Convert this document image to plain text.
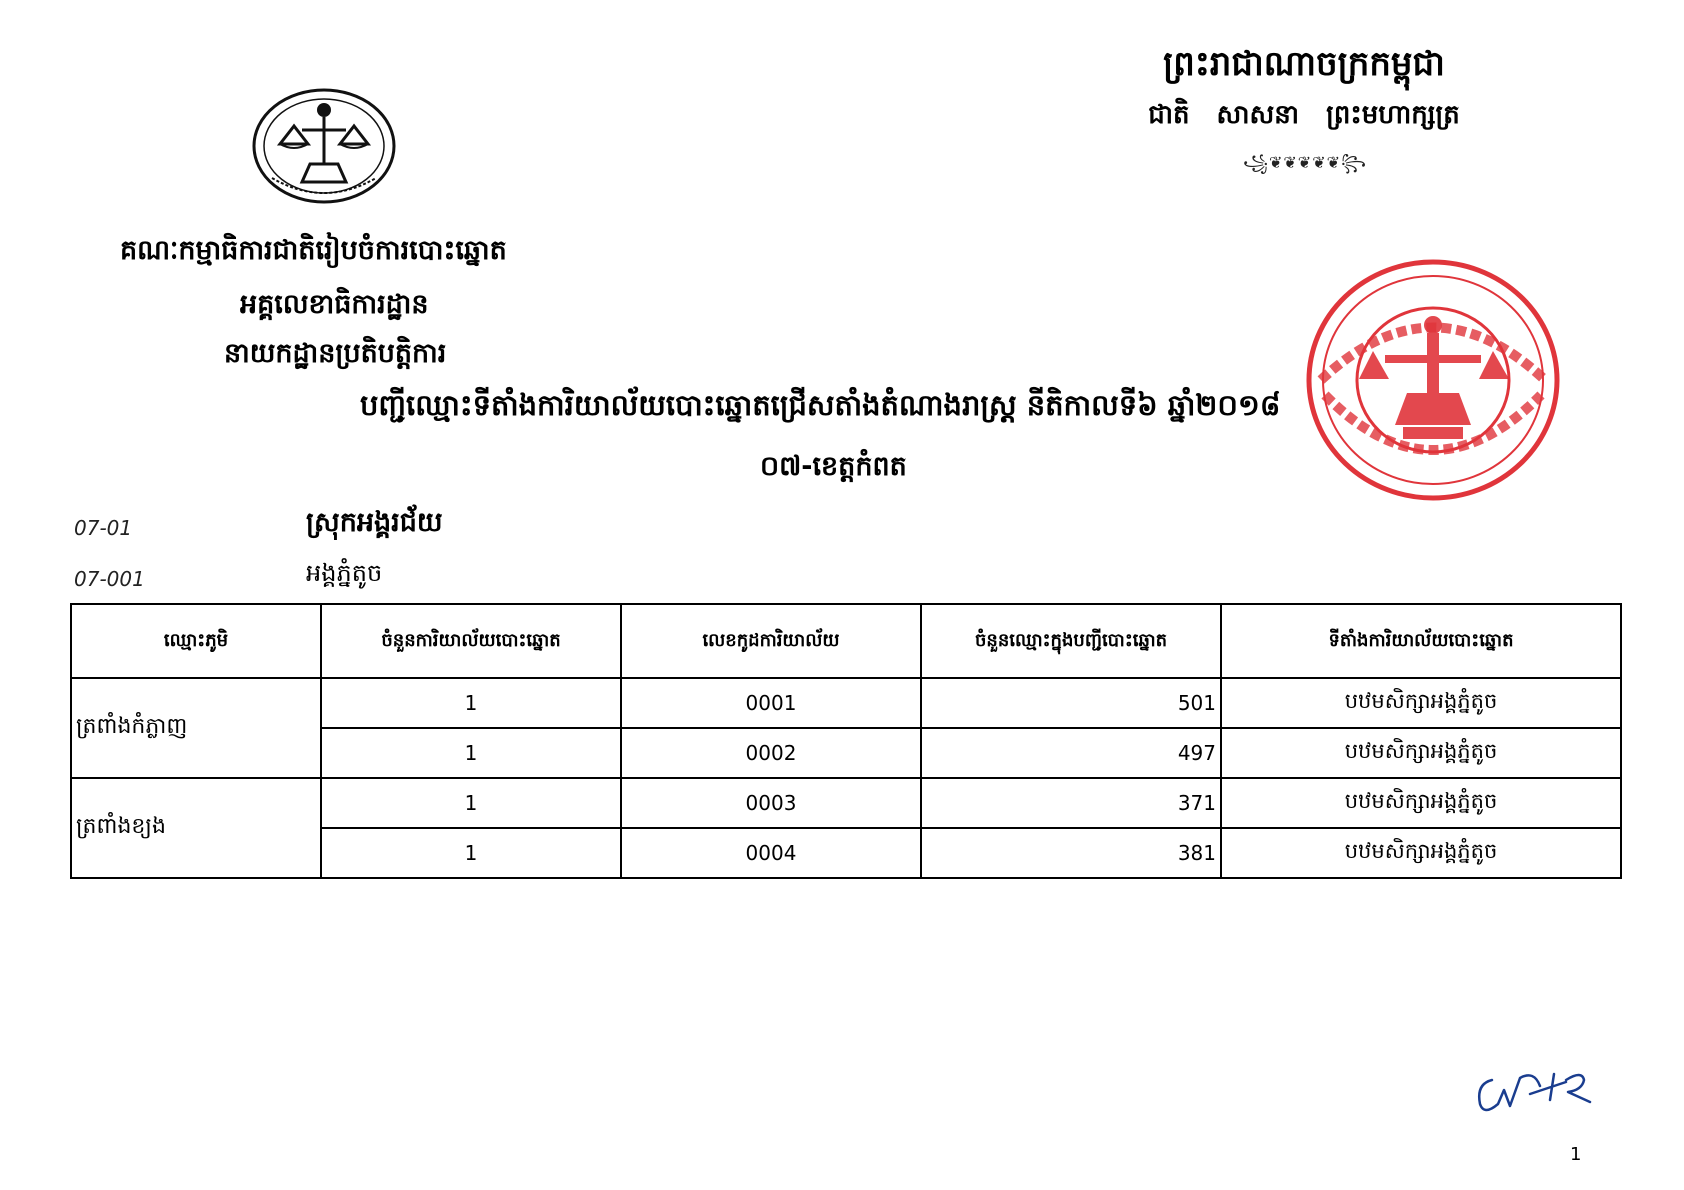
ព្រះរាជាណាចក្រកម្ពុជា
ជាតិ សាសនា ព្រះមហាក្សត្រ
꧁❦❦❦❦❦꧂
គណៈកម្មាធិការជាតិរៀបចំការបោះឆ្នោត
អគ្គលេខាធិការដ្ឋាន
នាយកដ្ឋានប្រតិបត្តិការ
បញ្ជីឈ្មោះទីតាំងការិយាល័យបោះឆ្នោតជ្រើសតាំងតំណាងរាស្ត្រ នីតិកាលទី៦ ឆ្នាំ២០១៨
០៧-ខេត្តកំពត
07-01	ស្រុកអង្គរជ័យ
07-001	អង្គភ្នំតូច
ឈ្មោះភូមិ	ចំនួនការិយាល័យបោះឆ្នោត	លេខកូដការិយាល័យ	ចំនួនឈ្មោះក្នុងបញ្ជីបោះឆ្នោត	ទីតាំងការិយាល័យបោះឆ្នោត
ត្រពាំងកំភ្លាញ	1	0001	501	បឋមសិក្សាអង្គភ្នំតូច
	1	0002	497	បឋមសិក្សាអង្គភ្នំតូច
ត្រពាំងខ្យង	1	0003	371	បឋមសិក្សាអង្គភ្នំតូច
	1	0004	381	បឋមសិក្សាអង្គភ្នំតូច
1
